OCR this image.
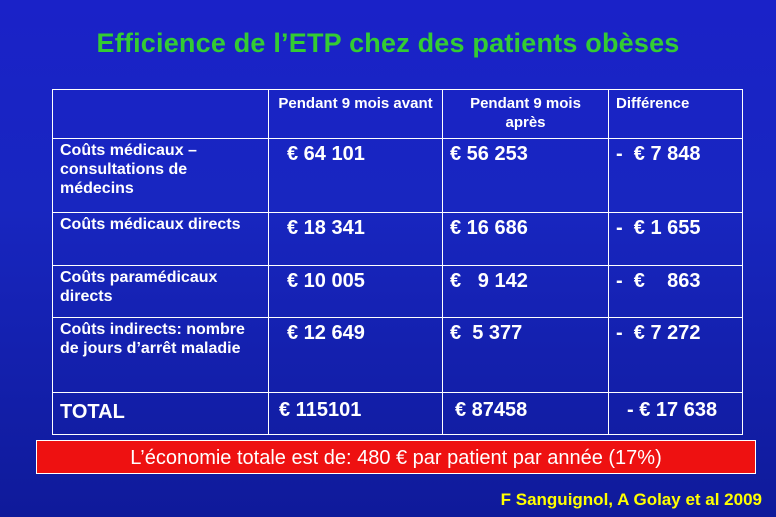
Efficience de l’ETP chez des patients obèses
	Pendant 9 mois avant	Pendant 9 mois après	Différence
Coûts médicaux – consultations de médecins	€ 64 101	€ 56 253	-  € 7 848
Coûts médicaux directs	€ 18 341	€ 16 686	-  € 1 655
Coûts paramédicaux directs	€ 10 005	€   9 142	-  €    863
Coûts indirects: nombre de jours d’arrêt maladie	€ 12 649	€  5 377	-  € 7 272
TOTAL	€ 115101	€ 87458	- € 17 638
L’économie totale est de: 480 € par patient par année (17%)
F Sanguignol, A Golay et al 2009
